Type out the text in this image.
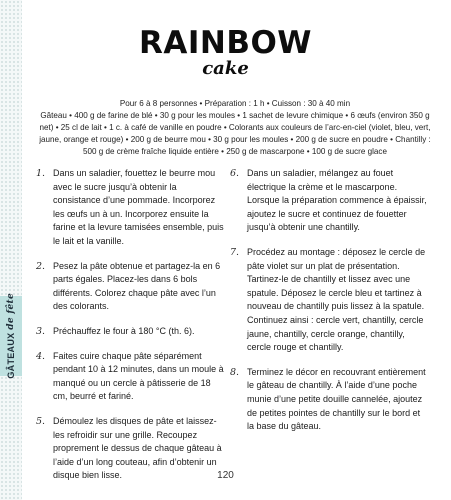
GÂTEAUX de fête
RAINBOW
cake
Pour 6 à 8 personnes • Préparation : 1 h • Cuisson : 30 à 40 min
Gâteau • 400 g de farine de blé • 30 g pour les moules • 1 sachet de levure chimique • 6 œufs (environ 350 g net) • 25 cl de lait • 1 c. à café de vanille en poudre • Colorants aux couleurs de l’arc-en-ciel (violet, bleu, vert, jaune, orange et rouge) • 200 g de beurre mou • 30 g pour les moules • 200 g de sucre en poudre • Chantilly : 500 g de crème fraîche liquide entière • 250 g de mascarpone • 100 g de sucre glace
1. Dans un saladier, fouettez le beurre mou avec le sucre jusqu’à obtenir la consistance d’une pommade. Incorporez les œufs un à un. Incorporez ensuite la farine et la levure tamisées ensemble, puis le lait et la vanille.
2. Pesez la pâte obtenue et partagez-la en 6 parts égales. Placez-les dans 6 bols différents. Colorez chaque pâte avec l’un des colorants.
3. Préchauffez le four à 180 °C (th. 6).
4. Faites cuire chaque pâte séparément pendant 10 à 12 minutes, dans un moule à manqué ou un cercle à pâtisserie de 18 cm, beurré et fariné.
5. Démoulez les disques de pâte et laissez-les refroidir sur une grille. Recoupez proprement le dessus de chaque gâteau à l’aide d’un long couteau, afin d’obtenir un disque bien lisse.
6. Dans un saladier, mélangez au fouet électrique la crème et le mascarpone. Lorsque la préparation commence à épaissir, ajoutez le sucre et continuez de fouetter jusqu’à obtenir une chantilly.
7. Procédez au montage : déposez le cercle de pâte violet sur un plat de présentation. Tartinez-le de chantilly et lissez avec une spatule. Déposez le cercle bleu et tartinez à nouveau de chantilly puis lissez à la spatule. Continuez ainsi : cercle vert, chantilly, cercle jaune, chantilly, cercle orange, chantilly, cercle rouge et chantilly.
8. Terminez le décor en recouvrant entièrement le gâteau de chantilly. À l’aide d’une poche munie d’une petite douille cannelée, ajoutez de petites pointes de chantilly sur le bord et la base du gâteau.
120
